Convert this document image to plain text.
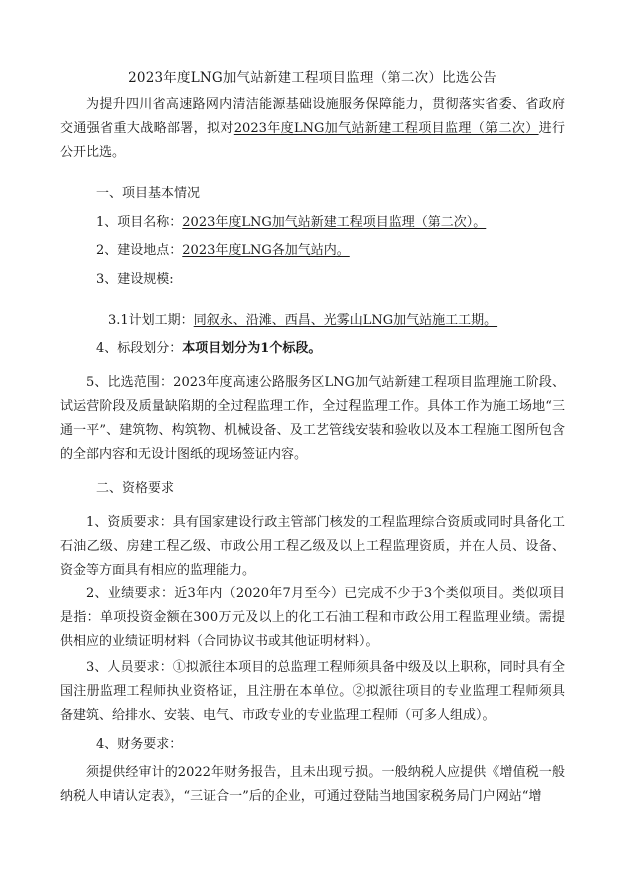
2023年度LNG加气站新建工程项目监理（第二次）比选公告
为提升四川省高速路网内清洁能源基础设施服务保障能力，贯彻落实省委、省政府交通强省重大战略部署，拟对2023年度LNG加气站新建工程项目监理（第二次）进行公开比选。
一、项目基本情况
1、项目名称：2023年度LNG加气站新建工程项目监理（第二次）。
2、建设地点：2023年度LNG各加气站内。
3、建设规模:
3.1计划工期：同叙永、沿滩、西昌、光雾山LNG加气站施工工期。
4、标段划分：本项目划分为1个标段。
5、比选范围：2023年度高速公路服务区LNG加气站新建工程项目监理施工阶段、试运营阶段及质量缺陷期的全过程监理工作，全过程监理工作。具体工作为施工场地“三通一平”、建筑物、构筑物、机械设备、及工艺管线安装和验收以及本工程施工图所包含的全部内容和无设计图纸的现场签证内容。
二、资格要求
1、资质要求：具有国家建设行政主管部门核发的工程监理综合资质或同时具备化工石油乙级、房建工程乙级、市政公用工程乙级及以上工程监理资质，并在人员、设备、资金等方面具有相应的监理能力。
2、业绩要求：近3年内（2020年7月至今）已完成不少于3个类似项目。类似项目是指：单项投资金额在300万元及以上的化工石油工程和市政公用工程监理业绩。需提供相应的业绩证明材料（合同协议书或其他证明材料）。
3、人员要求：①拟派往本项目的总监理工程师须具备中级及以上职称，同时具有全国注册监理工程师执业资格证，且注册在本单位。②拟派往项目的专业监理工程师须具备建筑、给排水、安装、电气、市政专业的专业监理工程师（可多人组成）。
4、财务要求：
须提供经审计的2022年财务报告，且未出现亏损。一般纳税人应提供《增值税一般纳税人申请认定表》，“三证合一”后的企业，可通过登陆当地国家税务局门户网站“增
